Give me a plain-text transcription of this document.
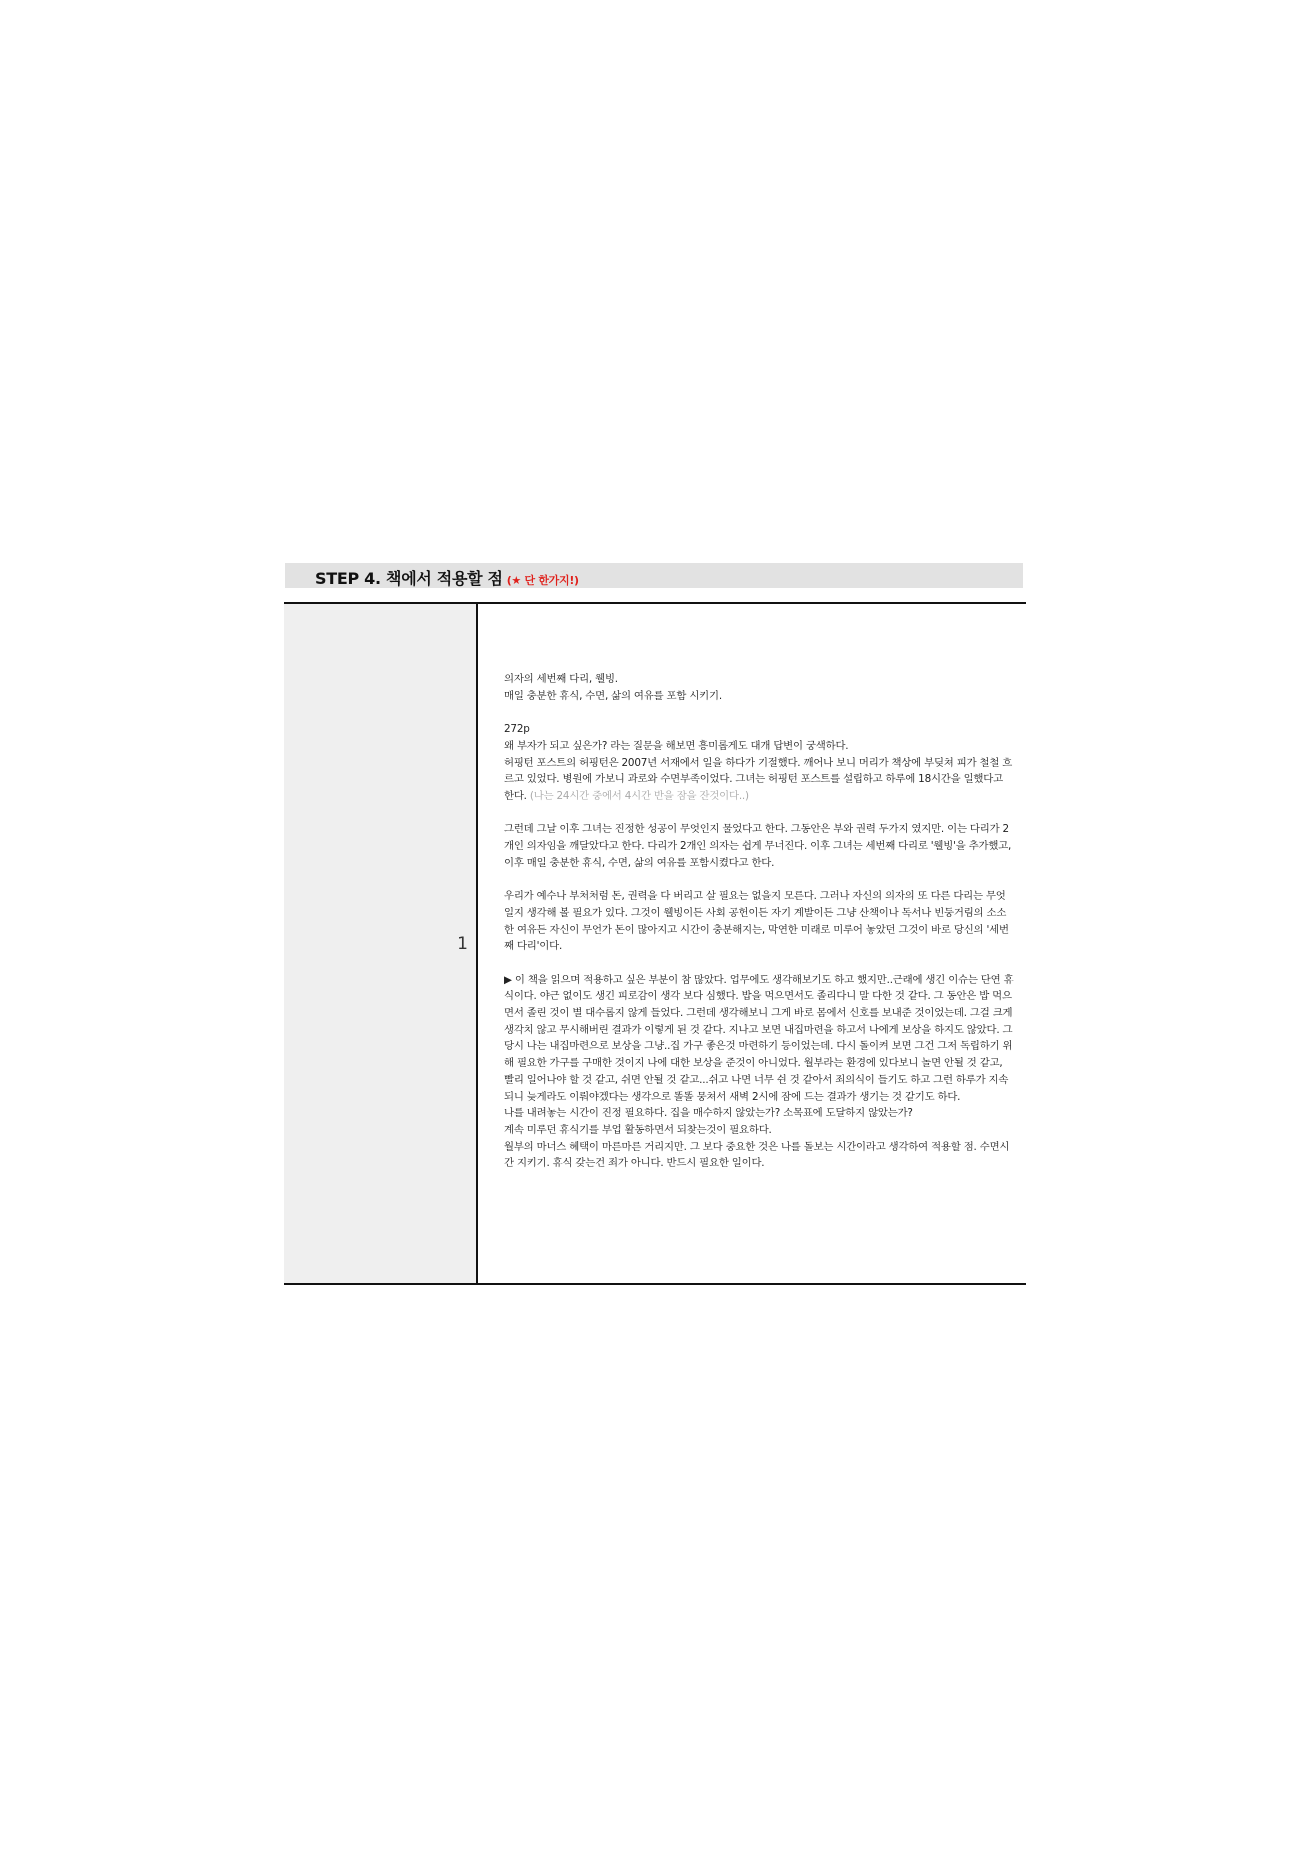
STEP 4. 책에서 적용할 점 (★ 단 한가지!)
1

의자의 세번째 다리, 웰빙.

매일 충분한 휴식, 수면, 삶의 여유를 포함 시키기.

272p

왜 부자가 되고 싶은가? 라는 질문을 해보면 흥미롭게도 대개 답변이 궁색하다.

허핑턴 포스트의 허핑턴은 2007년 서재에서 일을 하다가 기절했다. 깨어나 보니 머리가 책상에 부딪쳐 피가 철철 흐르고 있었다. 병원에 가보니 과로와 수면부족이었다. 그녀는 허핑턴 포스트를 설립하고 하루에 18시간을 일했다고 한다. (나는 24시간 중에서 4시간 반을 잠을 잔것이다..)

그런데 그날 이후 그녀는 진정한 성공이 무엇인지 물었다고 한다. 그동안은 부와 권력 두가지 였지만. 이는 다리가 2개인 의자임을 깨달았다고 한다. 다리가 2개인 의자는 쉽게 무너진다. 이후 그녀는 세번째 다리로 '웰빙'을 추가했고, 이후 매일 충분한 휴식, 수면, 삶의 여유를 포함시켰다고 한다.

우리가 예수나 부처처럼 돈, 권력을 다 버리고 살 필요는 없을지 모른다. 그러나 자신의 의자의 또 다른 다리는 무엇일지 생각해 볼 필요가 있다. 그것이 웰빙이든 사회 공헌이든 자기 계발이든 그냥 산책이나 독서나 빈둥거림의 소소한 여유든 자신이 무언가 돈이 많아지고 시간이 충분해지는, 막연한 미래로 미루어 놓았던 그것이 바로 당신의 '세번째 다리'이다.

▶ 이 책을 읽으며 적용하고 싶은 부분이 참 많았다. 업무에도 생각해보기도 하고 했지만..근래에 생긴 이슈는 단연 휴식이다. 야근 없이도 생긴 피로감이 생각 보다 심했다. 밥을 먹으면서도 졸리다니 말 다한 것 같다. 그 동안은 밥 먹으면서 졸린 것이 별 대수롭지 않게 들었다. 그런데 생각해보니 그게 바로 몸에서 신호를 보내준 것이었는데. 그걸 크게 생각치 않고 무시해버린 결과가 이렇게 된 것 같다. 지나고 보면 내집마련을 하고서 나에게 보상을 하지도 않았다. 그 당시 나는 내집마련으로 보상을 그냥..집 가구 좋은것 마련하기 등이었는데. 다시 돌이켜 보면 그건 그저 독립하기 위해 필요한 가구를 구매한 것이지 나에 대한 보상을 준것이 아니었다. 월부라는 환경에 있다보니 놀면 안될 것 같고, 빨리 일어나야 할 것 같고, 쉬면 안될 것 같고...쉬고 나면 너무 쉰 것 같아서 죄의식이 들기도 하고 그런 하루가 지속되니 늦게라도 이뤄야겠다는 생각으로 똘똘 뭉쳐서 새벽 2시에 잠에 드는 결과가 생기는 것 같기도 하다.

나를 내려놓는 시간이 진정 필요하다. 집을 매수하지 않았는가? 소목표에 도달하지 않았는가?

계속 미루던 휴식기를 부업 활동하면서 되찾는것이 필요하다.

월부의 마너스 혜택이 마른마른 거리지만. 그 보다 중요한 것은 나를 돌보는 시간이라고 생각하여 적용할 점. 수면시간 지키기. 휴식 갖는건 죄가 아니다. 반드시 필요한 일이다.
